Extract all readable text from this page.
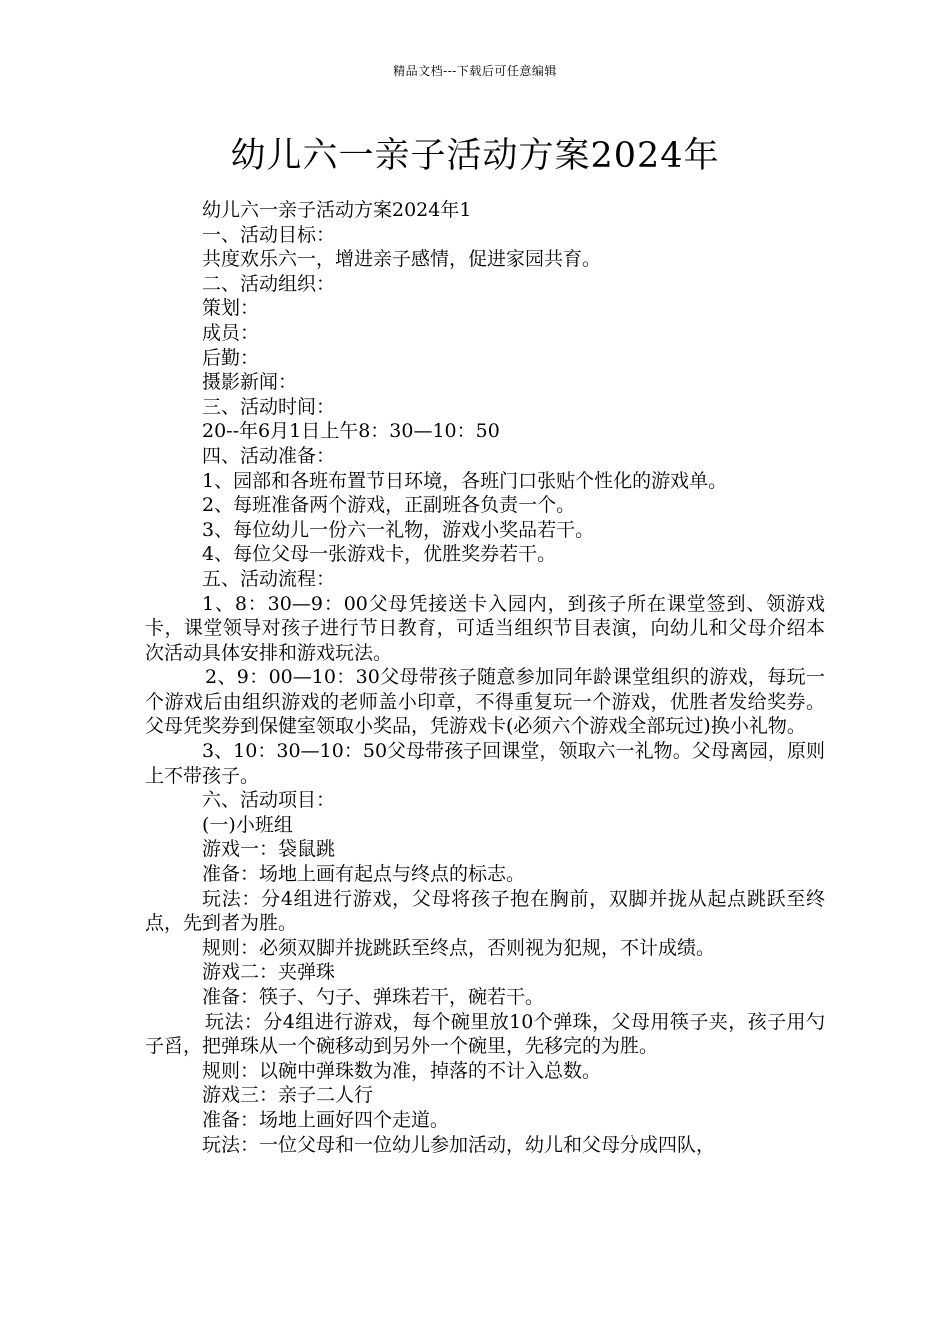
精品文档---下载后可任意编辑
幼儿六一亲子活动方案2024年
幼儿六一亲子活动方案2024年1
一、活动目标：
共度欢乐六一，增进亲子感情，促进家园共育。
二、活动组织：
策划：
成员：
后勤：
摄影新闻：
三、活动时间：
20--年6月1日上午8：30—10：50
四、活动准备：
1、园部和各班布置节日环境，各班门口张贴个性化的游戏单。
2、每班准备两个游戏，正副班各负责一个。
3、每位幼儿一份六一礼物，游戏小奖品若干。
4、每位父母一张游戏卡，优胜奖券若干。
五、活动流程：
1、8：30—9：00父母凭接送卡入园内，到孩子所在课堂签到、领游戏卡，课堂领导对孩子进行节日教育，可适当组织节目表演，向幼儿和父母介绍本次活动具体安排和游戏玩法。
2、9：00—10：30父母带孩子随意参加同年龄课堂组织的游戏，每玩一个游戏后由组织游戏的老师盖小印章，不得重复玩一个游戏，优胜者发给奖券。父母凭奖券到保健室领取小奖品，凭游戏卡(必须六个游戏全部玩过)换小礼物。
3、10：30—10：50父母带孩子回课堂，领取六一礼物。父母离园，原则上不带孩子。
六、活动项目：
(一)小班组
游戏一：袋鼠跳
准备：场地上画有起点与终点的标志。
玩法：分4组进行游戏，父母将孩子抱在胸前，双脚并拢从起点跳跃至终点，先到者为胜。
规则：必须双脚并拢跳跃至终点，否则视为犯规，不计成绩。
游戏二：夹弹珠
准备：筷子、勺子、弹珠若干，碗若干。
玩法：分4组进行游戏，每个碗里放10个弹珠，父母用筷子夹，孩子用勺子舀，把弹珠从一个碗移动到另外一个碗里，先移完的为胜。
规则：以碗中弹珠数为准，掉落的不计入总数。
游戏三：亲子二人行
准备：场地上画好四个走道。
玩法：一位父母和一位幼儿参加活动，幼儿和父母分成四队，
